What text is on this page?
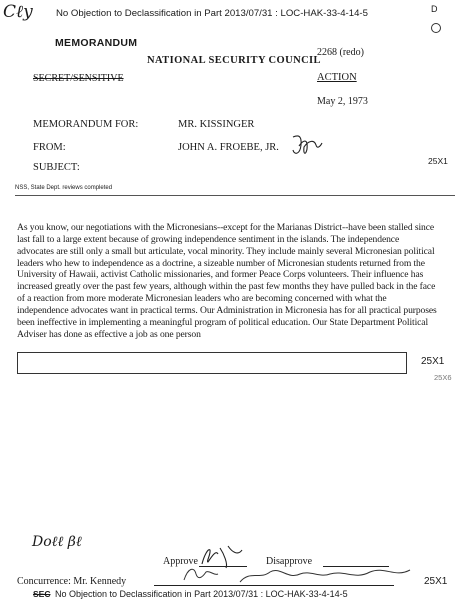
Cℓy No Objection to Declassification in Part 2013/07/31 : LOC-HAK-33-4-14-5	D
MEMORANDUM
NATIONAL SECURITY COUNCIL
2268 (redo)
SECRET/SENSITIVE	ACTION
May 2, 1973
MEMORANDUM FOR:	MR. KISSINGER
FROM:	JOHN A. FROEBE, JR.
SUBJECT:
25X1
NSS, State Dept. reviews completed

As you know, our negotiations with the Micronesians--except for the Marianas District--have been stalled since last fall to a large extent because of growing independence sentiment in the islands. The independence advocates are still only a small but articulate, vocal minority. They include mainly several Micronesian political leaders who hew to independence as a doctrine, a sizeable number of Micronesian students returned from the University of Hawaii, activist Catholic missionaries, and former Peace Corps volunteers. Their influence has increased greatly over the past few years, although within the past few months they have pulled back in the face of a reaction from more moderate Micronesian leaders who are becoming concerned with what the independence advocates want in practical terms. Our Administration in Micronesia has for all practical purposes been ineffective in implementing a meaningful program of political education. Our State Department Political Adviser has done as effective a job as one person

25X1
25X6
Dοℓℓ βℓ
Approve	Disapprove
Concurrence: Mr. Kennedy	25X1
SEC No Objection to Declassification in Part 2013/07/31 : LOC-HAK-33-4-14-5
